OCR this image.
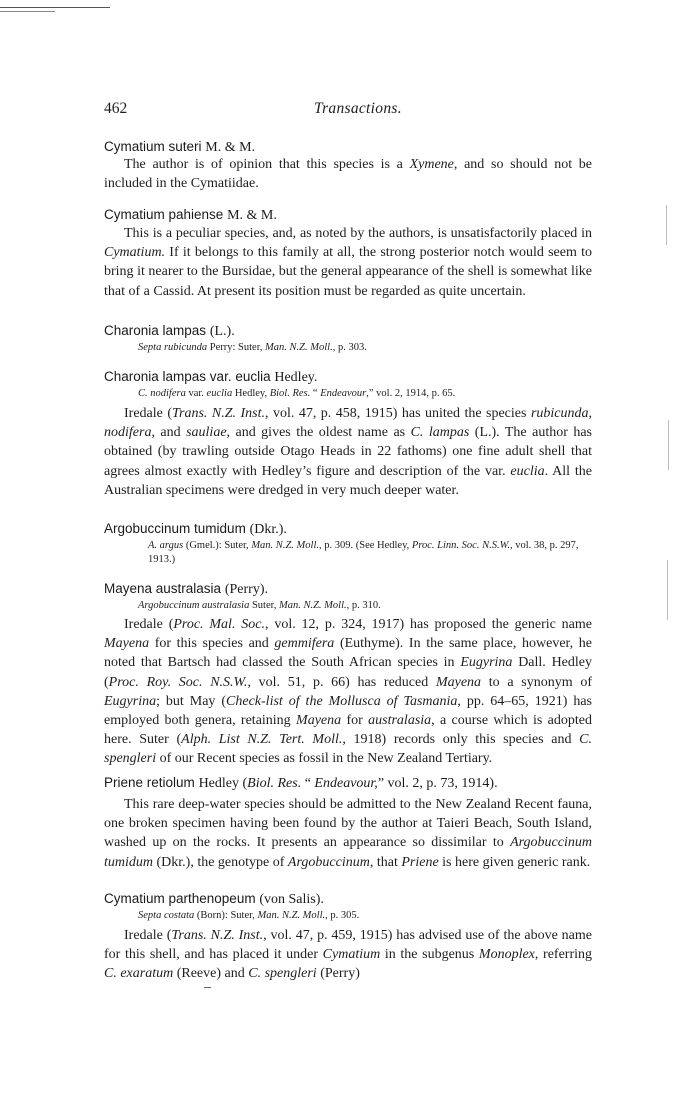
462	Transactions.
Cymatium suteri M. & M.

The author is of opinion that this species is a Xymene, and so should not be included in the Cymatiidae.

Cymatium pahiense M. & M.

This is a peculiar species, and, as noted by the authors, is unsatisfactorily placed in Cymatium. If it belongs to this family at all, the strong posterior notch would seem to bring it nearer to the Bursidae, but the general appearance of the shell is somewhat like that of a Cassid. At present its position must be regarded as quite uncertain.

Charonia lampas (L.).

Septa rubicunda Perry: Suter, Man. N.Z. Moll., p. 303.

Charonia lampas var. euclia Hedley.

C. nodifera var. euclia Hedley, Biol. Res. “ Endeavour,” vol. 2, 1914, p. 65.

Iredale (Trans. N.Z. Inst., vol. 47, p. 458, 1915) has united the species rubicunda, nodifera, and sauliae, and gives the oldest name as C. lampas (L.). The author has obtained (by trawling outside Otago Heads in 22 fathoms) one fine adult shell that agrees almost exactly with Hedley’s figure and description of the var. euclia. All the Australian specimens were dredged in very much deeper water.

Argobuccinum tumidum (Dkr.).

A. argus (Gmel.): Suter, Man. N.Z. Moll., p. 309. (See Hedley, Proc. Linn. Soc. N.S.W., vol. 38, p. 297, 1913.)

Mayena australasia (Perry).

Argobuccinum australasia Suter, Man. N.Z. Moll., p. 310.

Iredale (Proc. Mal. Soc., vol. 12, p. 324, 1917) has proposed the generic name Mayena for this species and gemmifera (Euthyme). In the same place, however, he noted that Bartsch had classed the South African species in Eugyrina Dall. Hedley (Proc. Roy. Soc. N.S.W., vol. 51, p. 66) has reduced Mayena to a synonym of Eugyrina; but May (Check-list of the Mollusca of Tasmania, pp. 64–65, 1921) has employed both genera, retaining Mayena for australasia, a course which is adopted here. Suter (Alph. List N.Z. Tert. Moll., 1918) records only this species and C. spengleri of our Recent species as fossil in the New Zealand Tertiary.

Priene retiolum Hedley (Biol. Res. “ Endeavour,” vol. 2, p. 73, 1914).

This rare deep-water species should be admitted to the New Zealand Recent fauna, one broken specimen having been found by the author at Taieri Beach, South Island, washed up on the rocks. It presents an appearance so dissimilar to Argobuccinum tumidum (Dkr.), the genotype of Argobuccinum, that Priene is here given generic rank.

Cymatium parthenopeum (von Salis).

Septa costata (Born): Suter, Man. N.Z. Moll., p. 305.

Iredale (Trans. N.Z. Inst., vol. 47, p. 459, 1915) has advised use of the above name for this shell, and has placed it under Cymatium in the subgenus Monoplex, referring C. exaratum (Reeve) and C. spengleri (Perry)
